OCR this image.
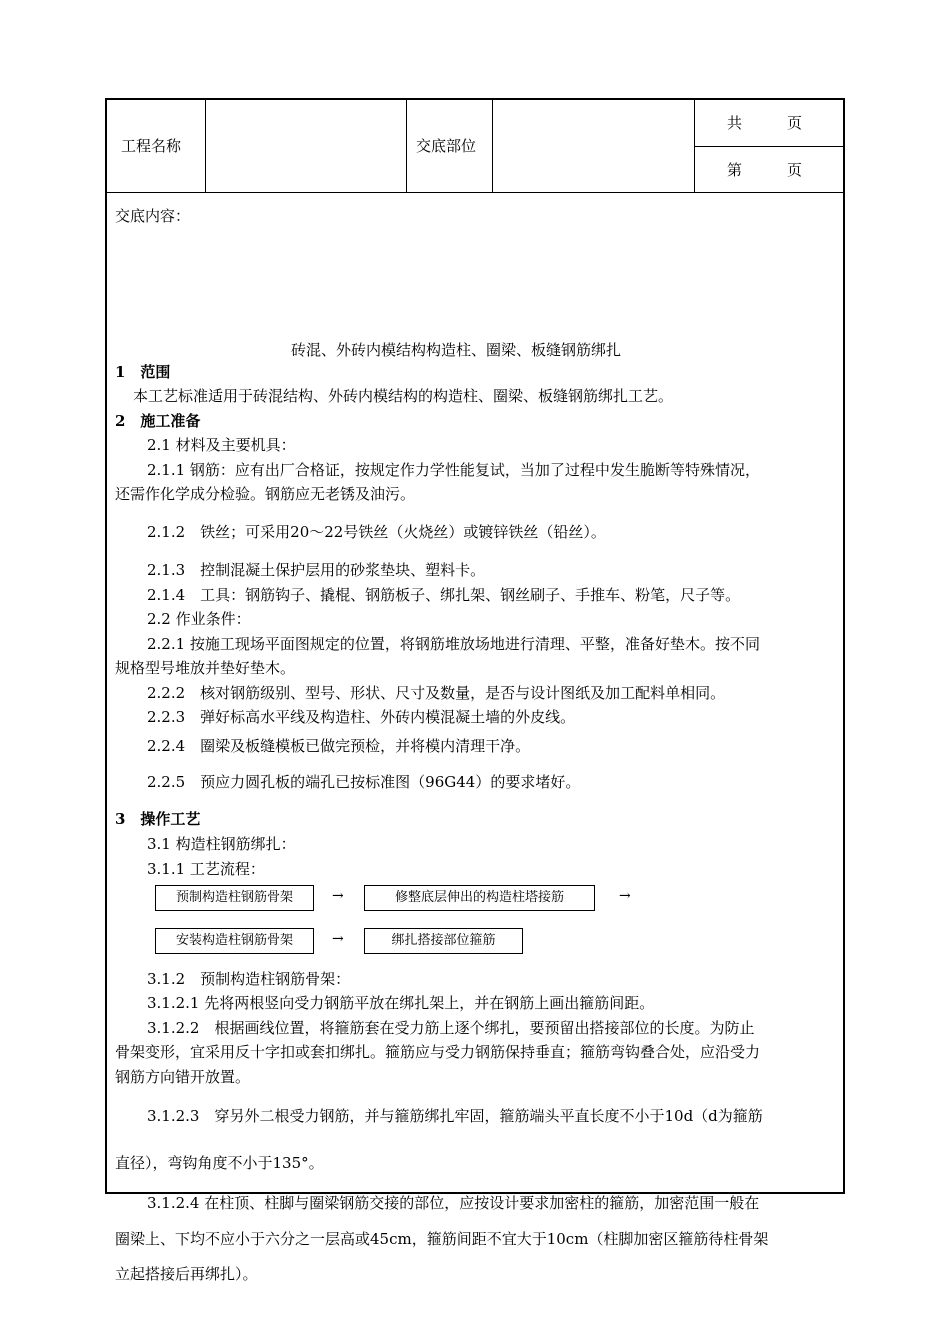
工程名称	交底部位
共　　　页
第　　　页
交底内容：
砖混、外砖内模结构构造柱、圈梁、板缝钢筋绑扎
1　范围
本工艺标准适用于砖混结构、外砖内模结构的构造柱、圈梁、板缝钢筋绑扎工艺。
2　施工准备
2.1 材料及主要机具：
2.1.1 钢筋：应有出厂合格证，按规定作力学性能复试，当加了过程中发生脆断等特殊情况，
还需作化学成分检验。钢筋应无老锈及油污。
2.1.2　铁丝；可采用20～22号铁丝（火烧丝）或镀锌铁丝（铅丝）。
2.1.3　控制混凝土保护层用的砂浆垫块、塑料卡。
2.1.4　工具：钢筋钩子、撬棍、钢筋板子、绑扎架、钢丝刷子、手推车、粉笔，尺子等。
2.2 作业条件：
2.2.1 按施工现场平面图规定的位置，将钢筋堆放场地进行清理、平整，准备好垫木。按不同
规格型号堆放并垫好垫木。
2.2.2　核对钢筋级别、型号、形状、尺寸及数量，是否与设计图纸及加工配料单相同。
2.2.3　弹好标高水平线及构造柱、外砖内模混凝土墙的外皮线。
2.2.4　圈梁及板缝模板已做完预检，并将模内清理干净。
2.2.5　预应力圆孔板的端孔已按标准图（96G44）的要求堵好。
3　操作工艺
3.1 构造柱钢筋绑扎：
3.1.1 工艺流程：
预制构造柱钢筋骨架	→	修整底层伸出的构造柱塔接筋	→
安装构造柱钢筋骨架	→	绑扎搭接部位箍筋
3.1.2　预制构造柱钢筋骨架：
3.1.2.1 先将两根竖向受力钢筋平放在绑扎架上，并在钢筋上画出箍筋间距。
3.1.2.2　根据画线位置，将箍筋套在受力筋上逐个绑扎，要预留出搭接部位的长度。为防止
骨架变形，宜采用反十字扣或套扣绑扎。箍筋应与受力钢筋保持垂直；箍筋弯钩叠合处，应沿受力
钢筋方向错开放置。
3.1.2.3　穿另外二根受力钢筋，并与箍筋绑扎牢固，箍筋端头平直长度不小于10d（d为箍筋
直径），弯钩角度不小于135°。
3.1.2.4 在柱顶、柱脚与圈梁钢筋交接的部位，应按设计要求加密柱的箍筋，加密范围一般在
圈梁上、下均不应小于六分之一层高或45cm，箍筋间距不宜大于10cm（柱脚加密区箍筋待柱骨架
立起搭接后再绑扎）。
